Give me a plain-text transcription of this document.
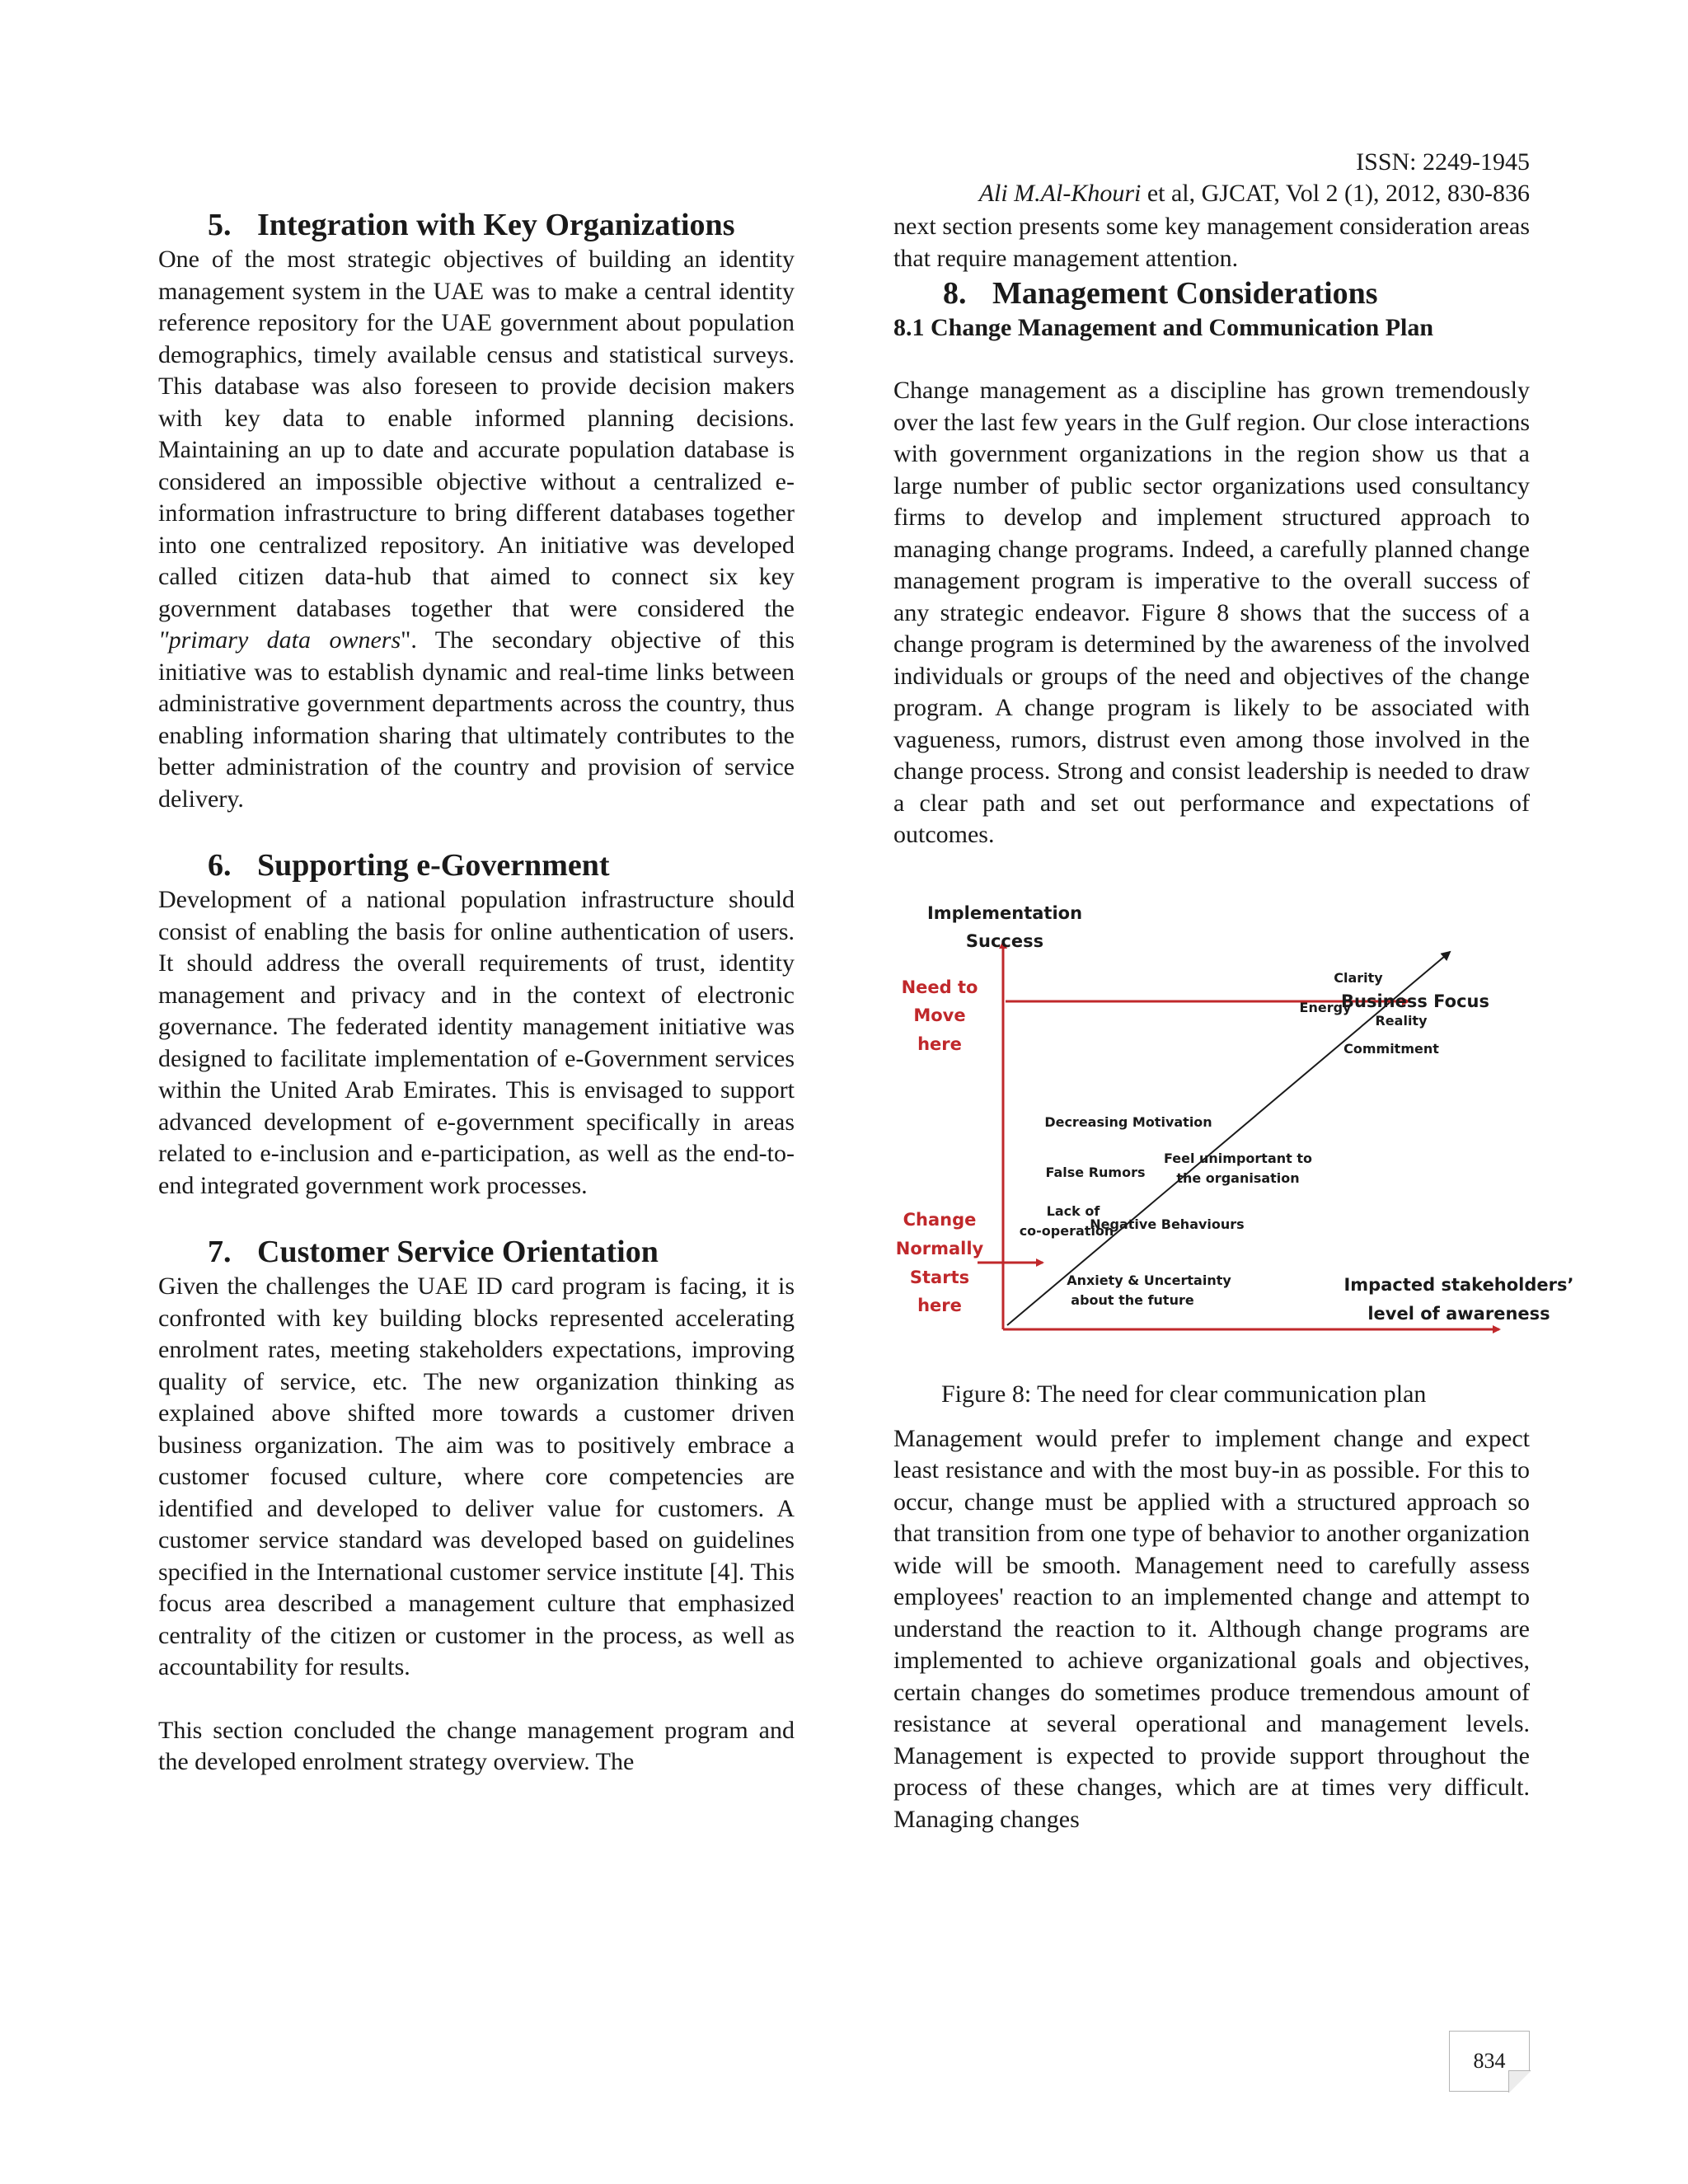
ISSN: 2249-1945
Ali M.Al-Khouri et al, GJCAT, Vol 2 (1), 2012, 830-836
5. Integration with Key Organizations

One of the most strategic objectives of building an identity management system in the UAE was to make a central identity reference repository for the UAE government about population demographics, timely available census and statistical surveys. This database was also foreseen to provide decision makers with key data to enable informed planning decisions. Maintaining an up to date and accurate population database is considered an impossible objective without a centralized e-information infrastructure to bring different databases together into one centralized repository. An initiative was developed called citizen data-hub that aimed to connect six key government databases together that were considered the "primary data owners". The secondary objective of this initiative was to establish dynamic and real-time links between administrative government departments across the country, thus enabling information sharing that ultimately contributes to the better administration of the country and provision of service delivery.

6. Supporting e-Government

Development of a national population infrastructure should consist of enabling the basis for online authentication of users. It should address the overall requirements of trust, identity management and privacy and in the context of electronic governance. The federated identity management initiative was designed to facilitate implementation of e-Government services within the United Arab Emirates. This is envisaged to support advanced development of e-government specifically in areas related to e-inclusion and e-participation, as well as the end-to-end integrated government work processes.

7. Customer Service Orientation

Given the challenges the UAE ID card program is facing, it is confronted with key building blocks represented accelerating enrolment rates, meeting stakeholders expectations, improving quality of service, etc. The new organization thinking as explained above shifted more towards a customer driven business organization. The aim was to positively embrace a customer focused culture, where core competencies are identified and developed to deliver value for customers. A customer service standard was developed based on guidelines specified in the International customer service institute [4]. This focus area described a management culture that emphasized centrality of the citizen or customer in the process, as well as accountability for results.

This section concluded the change management program and the developed enrolment strategy overview. The

next section presents some key management consideration areas that require management attention.

8. Management Considerations
8.1 Change Management and Communication Plan

Change management as a discipline has grown tremendously over the last few years in the Gulf region. Our close interactions with government organizations in the region show us that a large number of public sector organizations used consultancy firms to develop and implement structured approach to managing change programs. Indeed, a carefully planned change management program is imperative to the overall success of any strategic endeavor. Figure 8 shows that the success of a change program is determined by the awareness of the involved individuals or groups of the need and objectives of the change program. A change program is likely to be associated with vagueness, rumors, distrust even among those involved in the change process. Strong and consist leadership is needed to draw a clear path and set out performance and expectations of outcomes.

Implementation
Success
Impacted stakeholders’
level of awareness
Need to
Move
here
Change
Normally
Starts
here
Business Focus
Clarity
Energy
Reality
Commitment
Decreasing Motivation
False Rumors
Feel unimportant to
the organisation
Lack of
co-operation
Negative Behaviours
Anxiety & Uncertainty
about the future

Figure 8: The need for clear communication plan

Management would prefer to implement change and expect least resistance and with the most buy-in as possible. For this to occur, change must be applied with a structured approach so that transition from one type of behavior to another organization wide will be smooth. Management need to carefully assess employees' reaction to an implemented change and attempt to understand the reaction to it. Although change programs are implemented to achieve organizational goals and objectives, certain changes do sometimes produce tremendous amount of resistance at several operational and management levels. Management is expected to provide support throughout the process of these changes, which are at times very difficult. Managing changes

834
